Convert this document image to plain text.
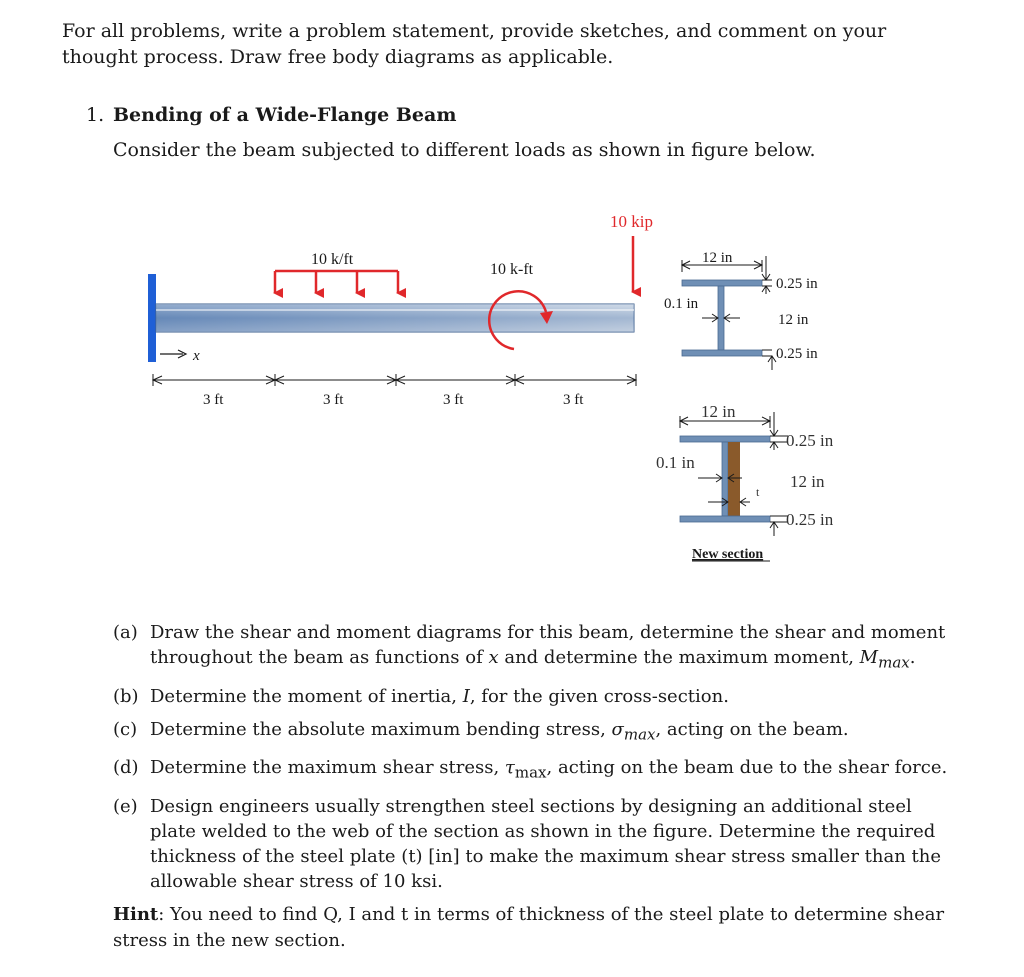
For all problems, write a problem statement, provide sketches, and comment on your thought process. Draw free body diagrams as applicable.
1. Bending of a Wide-Flange Beam
Consider the beam subjected to different loads as shown in figure below.
x
10 k/ft
10 k-ft
10 kip
3 ft	3 ft	3 ft	3 ft
12 in
0.1 in
0.25 in
12 in
0.25 in
12 in
0.1 in
0.25 in
12 in
0.25 in
t
New section
(a) Draw the shear and moment diagrams for this beam, determine the shear and moment throughout the beam as functions of x and determine the maximum moment, $M_{max}$.
(b) Determine the moment of inertia, I, for the given cross-section.
(c) Determine the absolute maximum bending stress, $\sigma_{max}$, acting on the beam.
(d) Determine the maximum shear stress, $\tau_{max}$, acting on the beam due to the shear force.
(e) Design engineers usually strengthen steel sections by designing an additional steel plate welded to the web of the section as shown in the figure. Determine the required thickness of the steel plate (t) [in] to make the maximum shear stress smaller than the allowable shear stress of 10 ksi.
Hint: You need to find Q, I and t in terms of thickness of the steel plate to determine shear stress in the new section.
